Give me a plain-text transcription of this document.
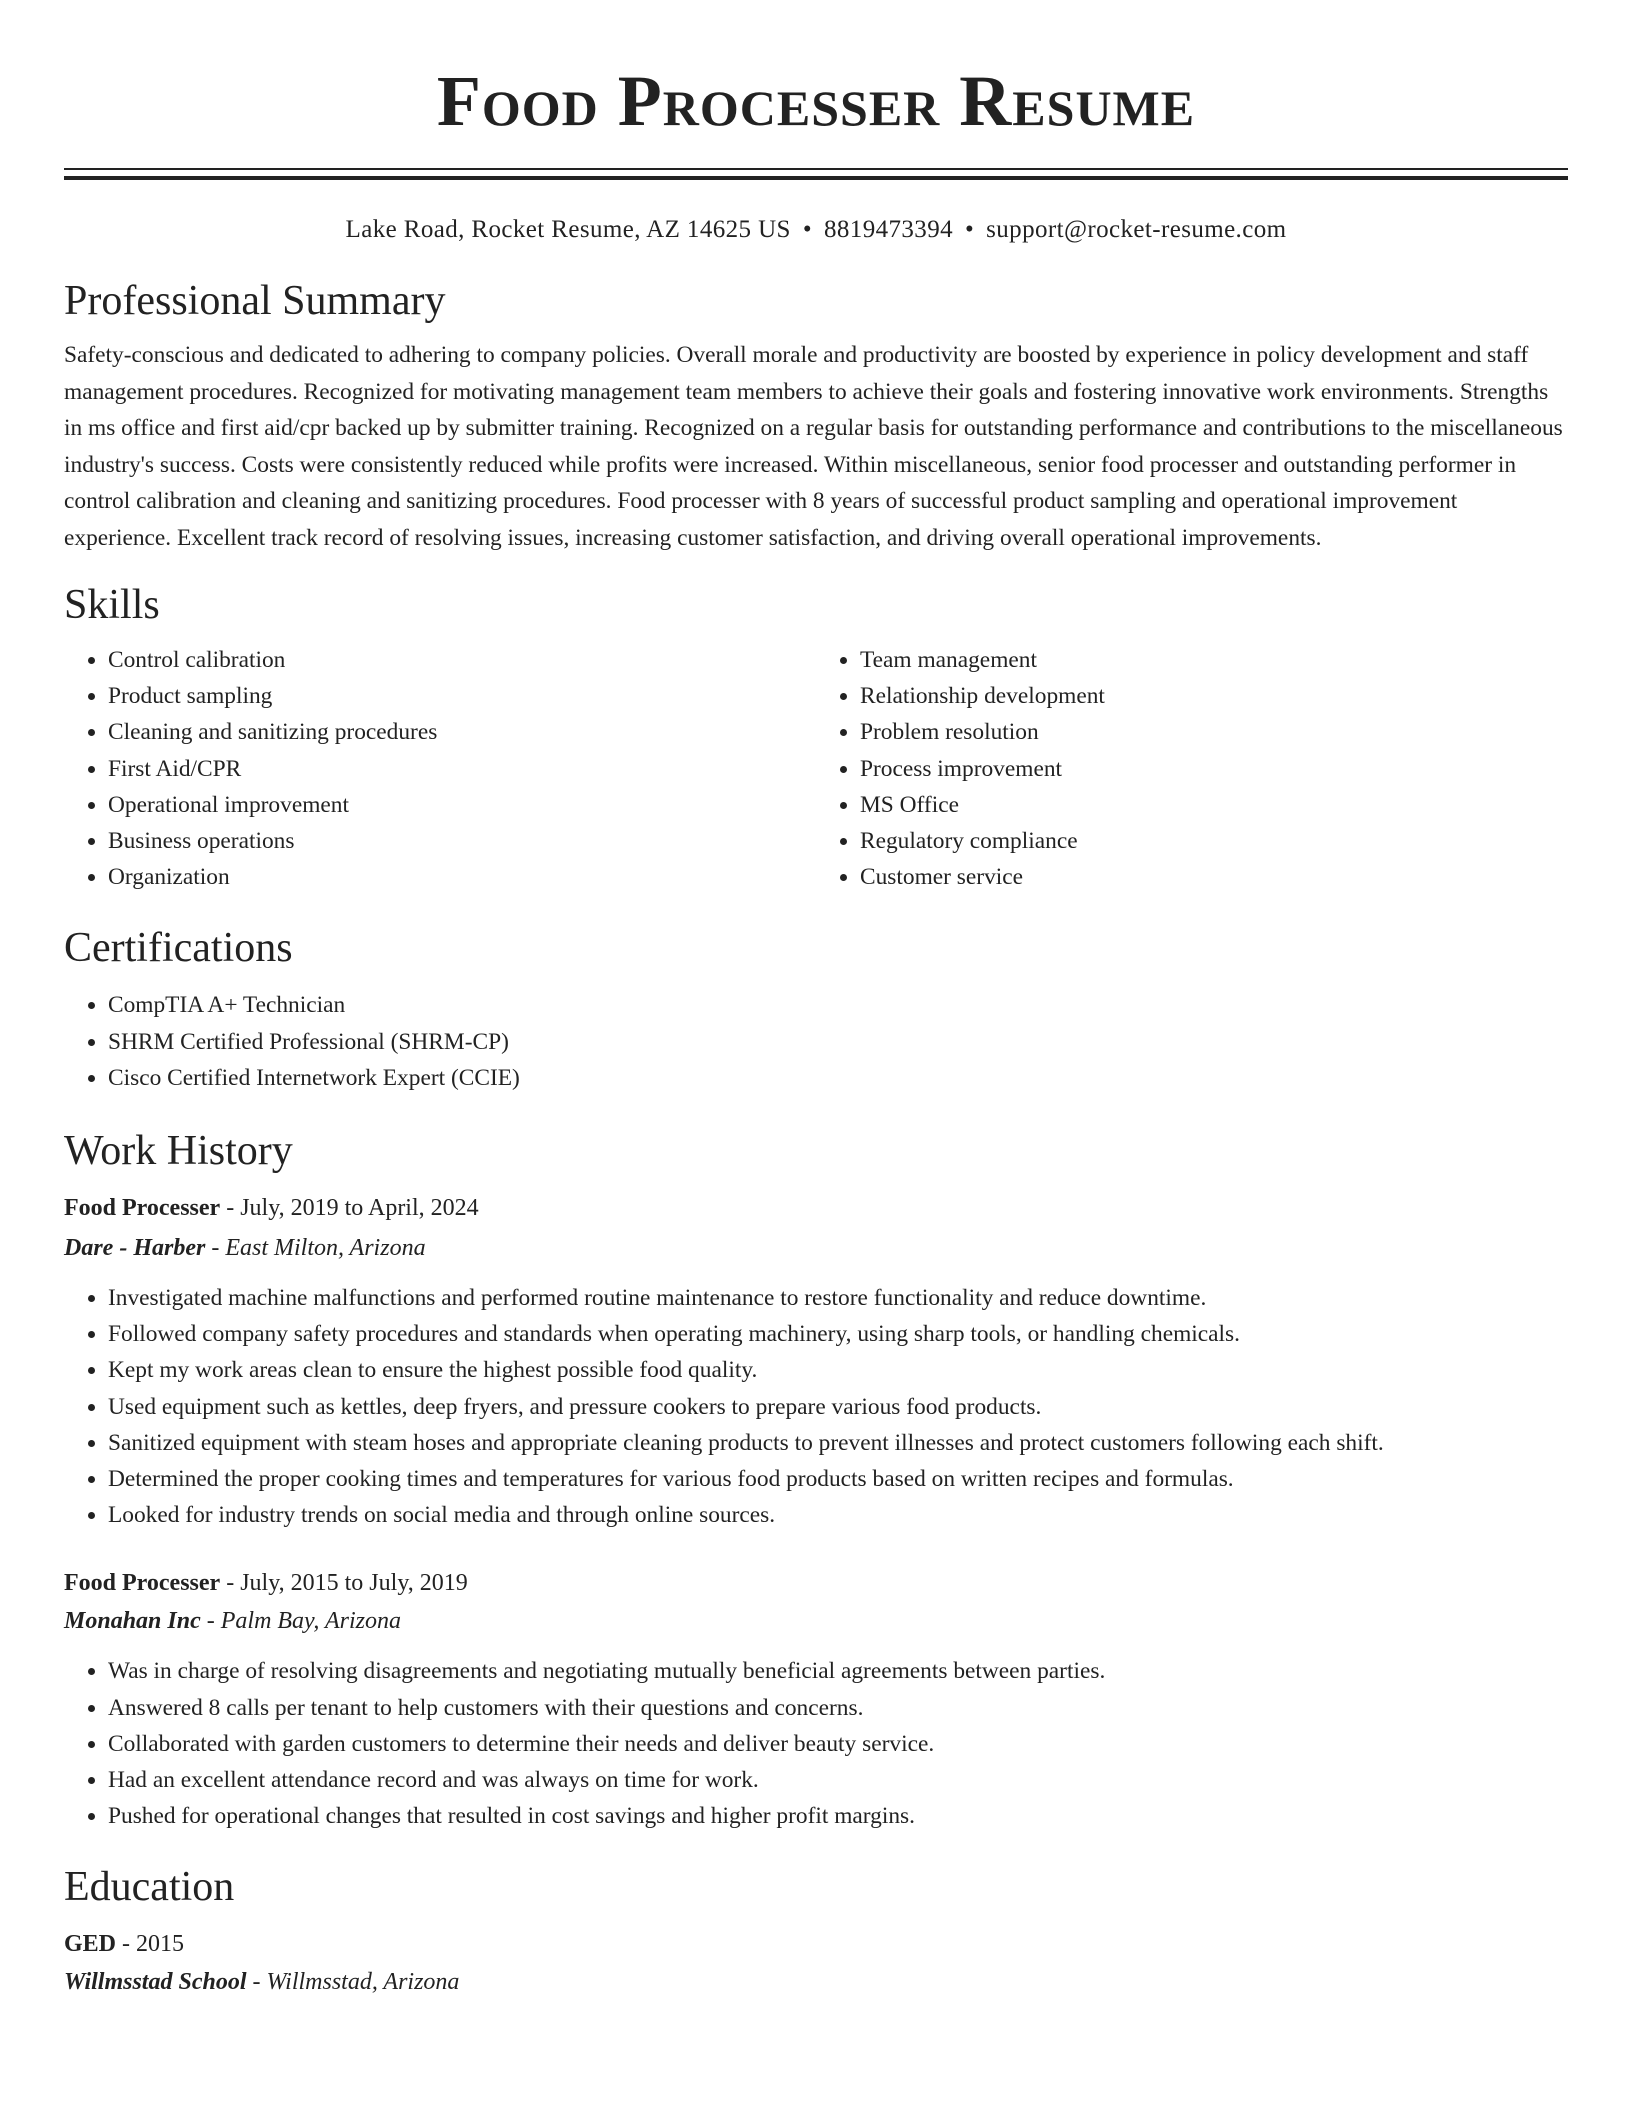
Food Processer Resume
Lake Road, Rocket Resume, AZ 14625 US • 8819473394 • support@rocket-resume.com
Professional Summary

Safety-conscious and dedicated to adhering to company policies. Overall morale and productivity are boosted by experience in policy development and staff management procedures. Recognized for motivating management team members to achieve their goals and fostering innovative work environments. Strengths in ms office and first aid/cpr backed up by submitter training. Recognized on a regular basis for outstanding performance and contributions to the miscellaneous industry's success. Costs were consistently reduced while profits were increased. Within miscellaneous, senior food processer and outstanding performer in control calibration and cleaning and sanitizing procedures. Food processer with 8 years of successful product sampling and operational improvement experience. Excellent track record of resolving issues, increasing customer satisfaction, and driving overall operational improvements.

Skills
• Control calibration
• Product sampling
• Cleaning and sanitizing procedures
• First Aid/CPR
• Operational improvement
• Business operations
• Organization
• Team management
• Relationship development
• Problem resolution
• Process improvement
• MS Office
• Regulatory compliance
• Customer service
Certifications
• CompTIA A+ Technician
• SHRM Certified Professional (SHRM-CP)
• Cisco Certified Internetwork Expert (CCIE)
Work History
Food Processer - July, 2019 to April, 2024
Dare - Harber - East Milton, Arizona
• Investigated machine malfunctions and performed routine maintenance to restore functionality and reduce downtime.
• Followed company safety procedures and standards when operating machinery, using sharp tools, or handling chemicals.
• Kept my work areas clean to ensure the highest possible food quality.
• Used equipment such as kettles, deep fryers, and pressure cookers to prepare various food products.
• Sanitized equipment with steam hoses and appropriate cleaning products to prevent illnesses and protect customers following each shift.
• Determined the proper cooking times and temperatures for various food products based on written recipes and formulas.
• Looked for industry trends on social media and through online sources.
Food Processer - July, 2015 to July, 2019
Monahan Inc - Palm Bay, Arizona
• Was in charge of resolving disagreements and negotiating mutually beneficial agreements between parties.
• Answered 8 calls per tenant to help customers with their questions and concerns.
• Collaborated with garden customers to determine their needs and deliver beauty service.
• Had an excellent attendance record and was always on time for work.
• Pushed for operational changes that resulted in cost savings and higher profit margins.
Education
GED - 2015
Willmsstad School - Willmsstad, Arizona
